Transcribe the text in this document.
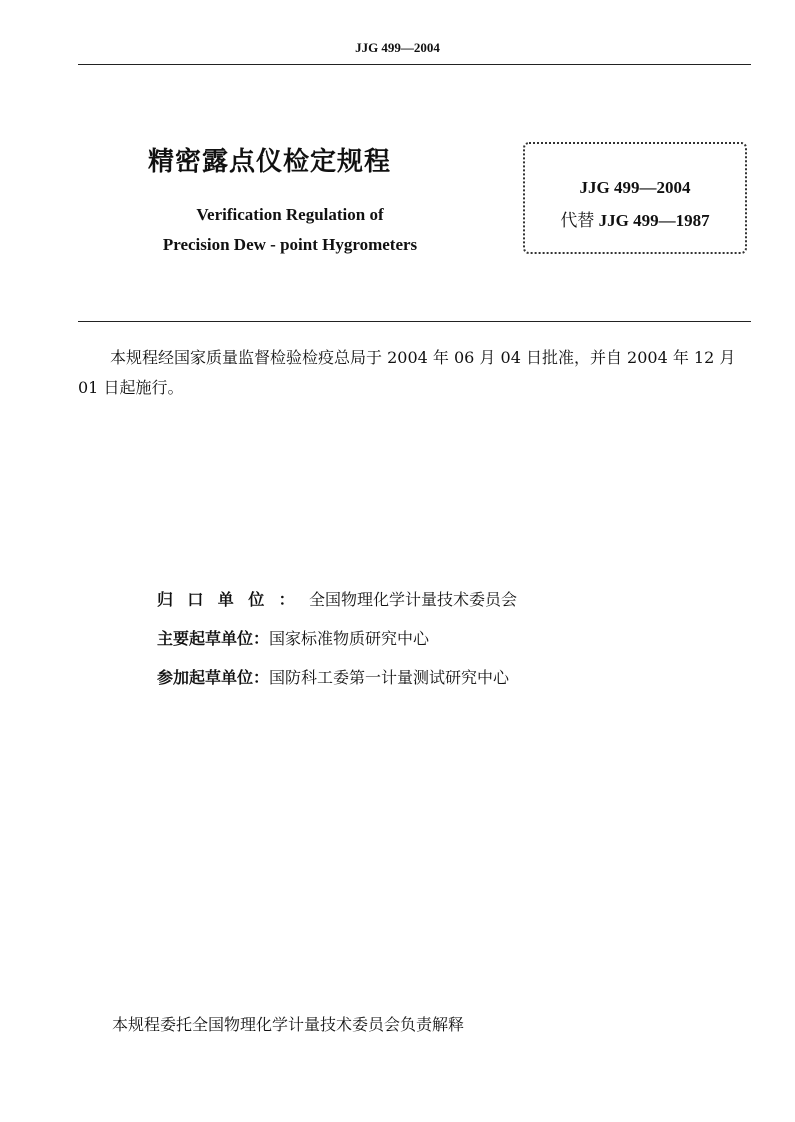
JJG 499—2004
精密露点仪检定规程
Verification Regulation of
Precision Dew - point Hygrometers
JJG 499—2004
代替 JJG 499—1987
本规程经国家质量监督检验检疫总局于 2004 年 06 月 04 日批准，并自 2004 年 12 月 01 日起施行。
归口单位：全国物理化学计量技术委员会
主要起草单位：国家标准物质研究中心
参加起草单位：国防科工委第一计量测试研究中心
本规程委托全国物理化学计量技术委员会负责解释
